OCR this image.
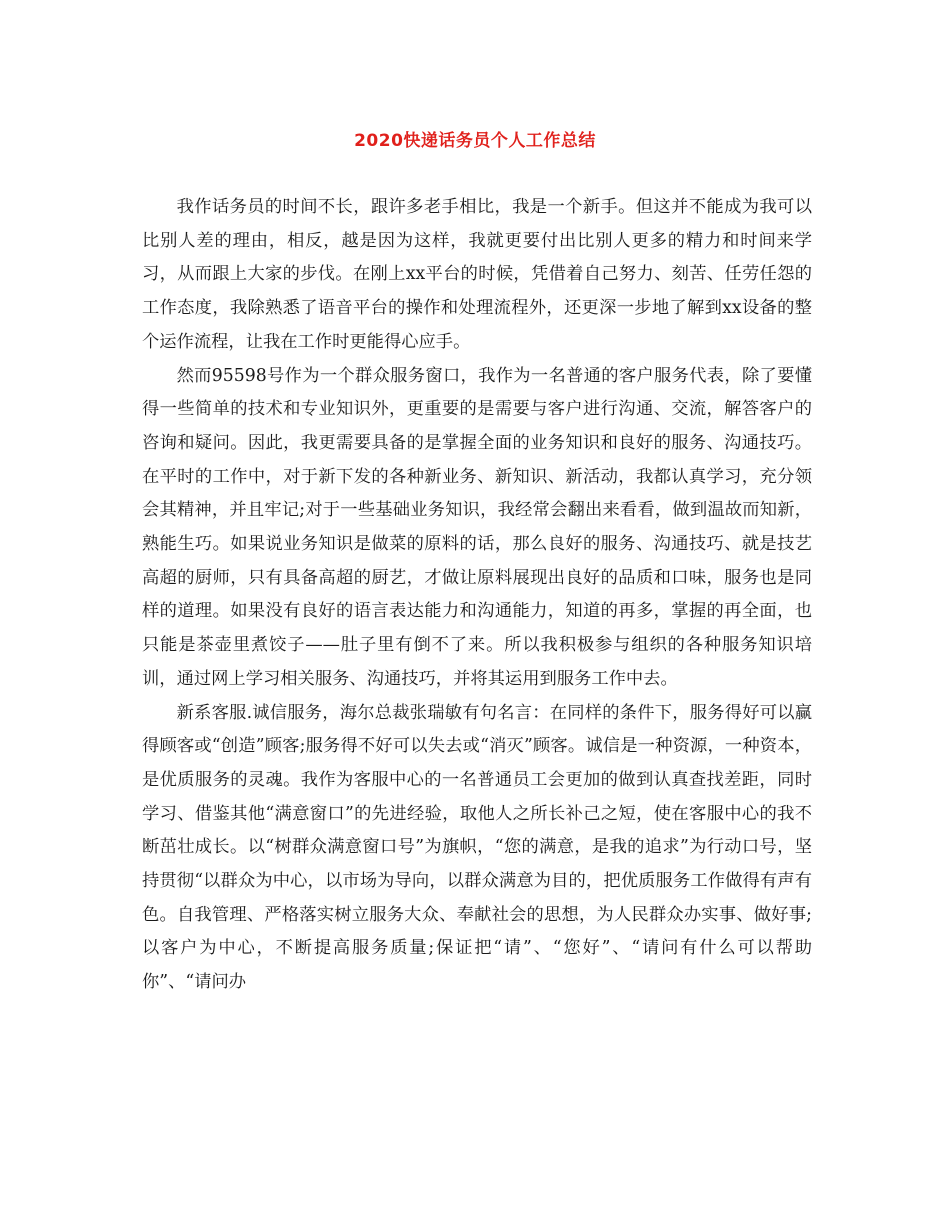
2020快递话务员个人工作总结

我作话务员的时间不长，跟许多老手相比，我是一个新手。但这并不能成为我可以比别人差的理由，相反，越是因为这样，我就更要付出比别人更多的精力和时间来学习，从而跟上大家的步伐。在刚上xx平台的时候，凭借着自己努力、刻苦、任劳任怨的工作态度，我除熟悉了语音平台的操作和处理流程外，还更深一步地了解到xx设备的整个运作流程，让我在工作时更能得心应手。

然而95598号作为一个群众服务窗口，我作为一名普通的客户服务代表，除了要懂得一些简单的技术和专业知识外，更重要的是需要与客户进行沟通、交流，解答客户的咨询和疑问。因此，我更需要具备的是掌握全面的业务知识和良好的服务、沟通技巧。在平时的工作中，对于新下发的各种新业务、新知识、新活动，我都认真学习，充分领会其精神，并且牢记;对于一些基础业务知识，我经常会翻出来看看，做到温故而知新，熟能生巧。如果说业务知识是做菜的原料的话，那么良好的服务、沟通技巧、就是技艺高超的厨师，只有具备高超的厨艺，才做让原料展现出良好的品质和口味，服务也是同样的道理。如果没有良好的语言表达能力和沟通能力，知道的再多，掌握的再全面，也只能是茶壶里煮饺子——肚子里有倒不了来。所以我积极参与组织的各种服务知识培训，通过网上学习相关服务、沟通技巧，并将其运用到服务工作中去。

新系客服.诚信服务，海尔总裁张瑞敏有句名言：在同样的条件下，服务得好可以赢得顾客或“创造”顾客;服务得不好可以失去或“消灭”顾客。诚信是一种资源，一种资本，是优质服务的灵魂。我作为客服中心的一名普通员工会更加的做到认真查找差距，同时学习、借鉴其他“满意窗口”的先进经验，取他人之所长补己之短，使在客服中心的我不断茁壮成长。以“树群众满意窗口号”为旗帜，“您的满意，是我的追求”为行动口号，坚持贯彻“以群众为中心，以市场为导向，以群众满意为目的，把优质服务工作做得有声有色。自我管理、严格落实树立服务大众、奉献社会的思想，为人民群众办实事、做好事;以客户为中心，不断提高服务质量;保证把“请”、“您好”、“请问有什么可以帮助你”、“请问办
